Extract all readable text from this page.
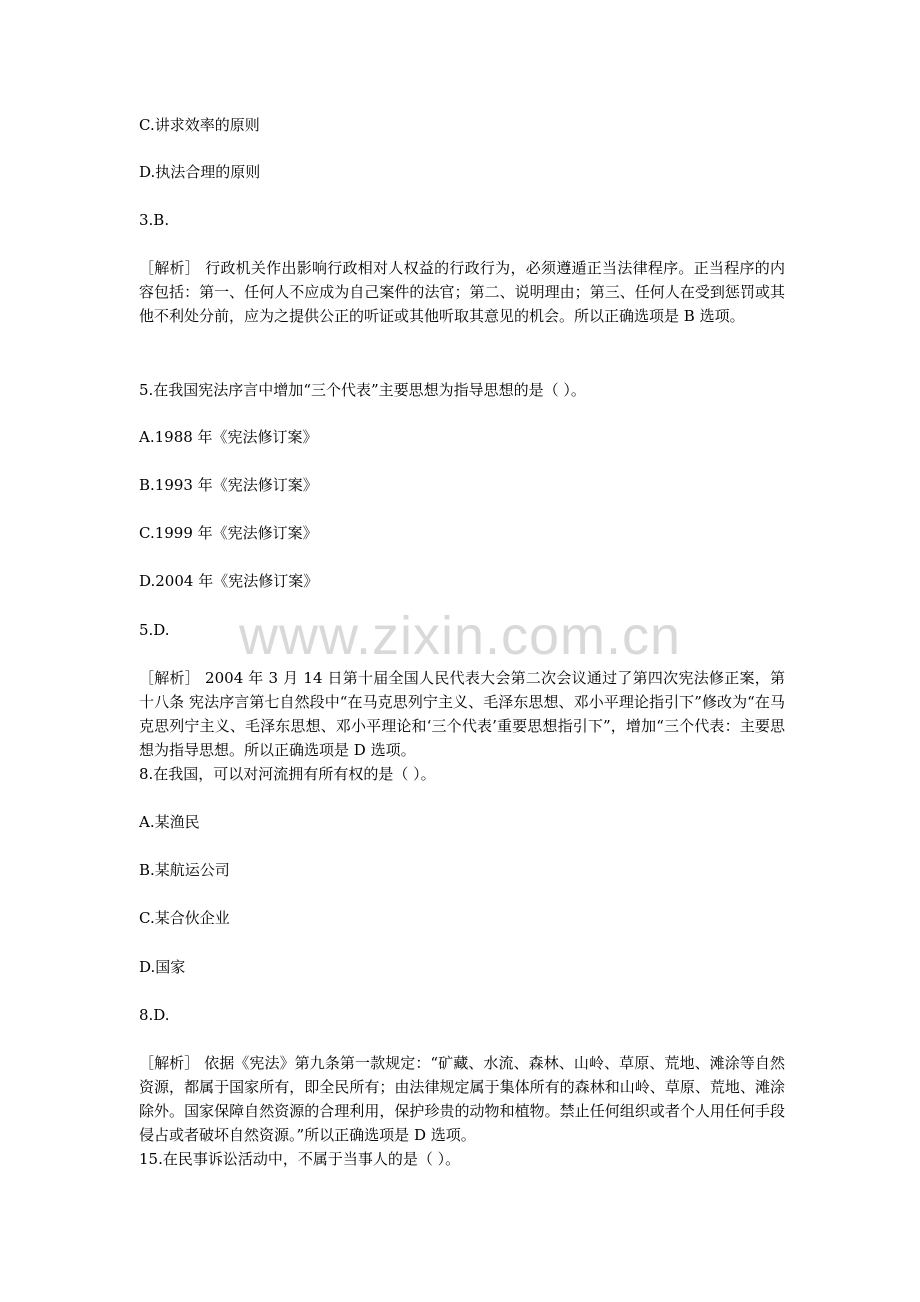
C.讲求效率的原则
D.执法合理的原则
3.B.
［解析］ 行政机关作出影响行政相对人权益的行政行为，必须遵遁正当法律程序。正当程序的内容包括：第一、任何人不应成为自己案件的法官；第二、说明理由；第三、任何人在受到惩罚或其他不利处分前，应为之提供公正的听证或其他听取其意见的机会。所以正确选项是 B 选项。
5.在我国宪法序言中增加“三个代表”主要思想为指导思想的是（ ）。
A.1988 年《宪法修订案》
B.1993 年《宪法修订案》
C.1999 年《宪法修订案》
D.2004 年《宪法修订案》
5.D.
［解析］ 2004 年 3 月 14 日第十届全国人民代表大会第二次会议通过了第四次宪法修正案，第十八条 宪法序言第七自然段中“在马克思列宁主义、毛泽东思想、邓小平理论指引下”修改为“在马克思列宁主义、毛泽东思想、邓小平理论和‘三个代表’重要思想指引下”，增加“三个代表：主要思想为指导思想。所以正确选项是 D 选项。
8.在我国，可以对河流拥有所有权的是（ ）。
A.某渔民
B.某航运公司
C.某合伙企业
D.国家
8.D.
［解析］ 依据《宪法》第九条第一款规定：“矿藏、水流、森林、山岭、草原、荒地、滩涂等自然资源，都属于国家所有，即全民所有；由法律规定属于集体所有的森林和山岭、草原、荒地、滩涂除外。国家保障自然资源的合理利用，保护珍贵的动物和植物。禁止任何组织或者个人用任何手段侵占或者破坏自然资源。”所以正确选项是 D 选项。
15.在民事诉讼活动中，不属于当事人的是（ ）。
www.zixin.com.cn
